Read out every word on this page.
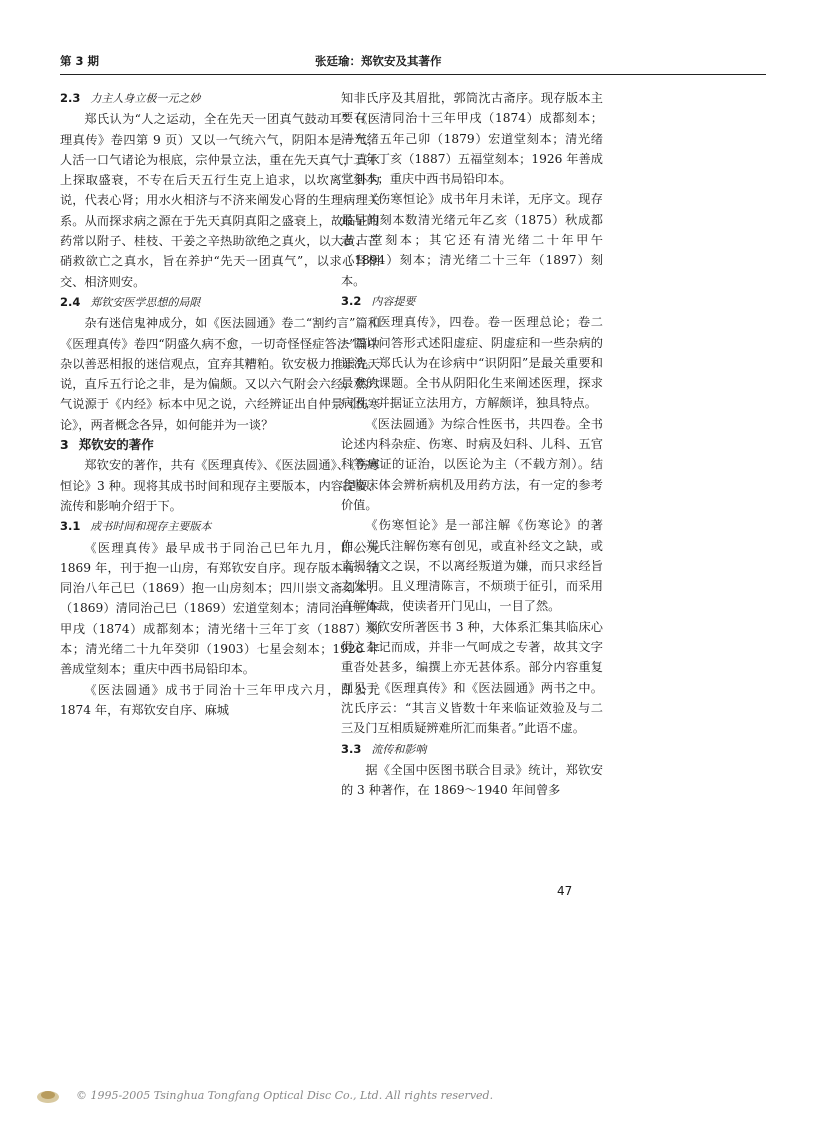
第 3 期	张廷瑜：郑钦安及其著作

2.3 力主人身立极一元之妙

郑氏认为“人之运动，全在先天一团真气鼓动耳”（《医理真传》卷四第 9 页）又以一气统六气，阴阳本是一气，人活一口气诸论为根底，宗仲景立法，重在先天真气，真水上探取盛衰，不专在后天五行生克上追求，以坎离二卦为说，代表心肾；用水火相济与不济来阐发心肾的生理病理关系。从而探求病之源在于先天真阴真阳之盛衰上，故临证用药常以附子、桂枝、干姜之辛热助欲绝之真火，以大黄、芒硝救欲亡之真水，旨在养护“先天一团真气”，以求心肾相交、相济则安。

2.4 郑钦安医学思想的局限

杂有迷信鬼神成分，如《医法圆通》卷二“割约言”篇和《医理真传》卷四“阴盛久病不愈，一切奇怪怪症答法”篇中杂以善恶相报的迷信观点，宜弃其糟粕。钦安极力推崇先天说，直斥五行论之非，是为偏颇。又以六气附会六经，然六气说源于《内经》标本中见之说，六经辨证出自仲景《伤寒论》，两者概念各异，如何能并为一谈？

3 郑钦安的著作

郑钦安的著作，共有《医理真传》、《医法圆通》、《伤寒恒论》3 种。现将其成书时间和现存主要版本，内容提要、流传和影响介绍于下。

3.1 成书时间和现存主要版本

《医理真传》最早成书于同治己巳年九月，即公元 1869 年，刊于抱一山房，有郑钦安自序。现存版本有：清同治八年己巳（1869）抱一山房刻本；四川崇文斋刻本；（1869）清同治己巳（1869）宏道堂刻本；清同治十三年甲戌（1874）成都刻本；清光绪十三年丁亥（1887）刻本；清光绪二十九年癸卯（1903）七星会刻本；1926 年善成堂刻本；重庆中西书局铅印本。

《医法圆通》成书于同治十三年甲戌六月，即公元 1874 年，有郑钦安自序、麻城

知非氏序及其眉批，郭筒沈古斋序。现存版本主要有：清同治十三年甲戌（1874）成都刻本；清光绪五年己卯（1879）宏道堂刻本；清光绪十三年丁亥（1887）五福堂刻本；1926 年善成堂刻本；重庆中西书局铅印本。

《伤寒恒论》成书年月未详，无序文。现存最早的刻本数清光绪元年乙亥（1875）秋成都志古堂刻本；其它还有清光绪二十年甲午（1894）刻本；清光绪二十三年（1897）刻本。

3.2 内容提要

《医理真传》，四卷。卷一医理总论；卷二～四以问答形式述阳虚症、阴虚症和一些杂病的证治。郑氏认为在诊病中“识阴阳”是最关重要和最难的课题。全书从阴阳化生来阐述医理，探求病因，并据证立法用方，方解颇详，独具特点。

《医法圆通》为综合性医书，共四卷。全书论述内科杂症、伤寒、时病及妇科、儿科、五官科等病证的证治，以医论为主（不载方剂）。结合临床体会辨析病机及用药方法，有一定的参考价值。

《伤寒恒论》是一部注解《伤寒论》的著作。郑氏注解伤寒有创见，或直补经文之缺，或直揭经文之误，不以离经叛道为嫌，而只求经旨之发明。且义理清陈言，不烦琐于征引，而采用直解体裁，使读者开门见山，一目了然。

郑钦安所著医书 3 种，大体系汇集其临床心得之杂记而成，并非一气呵成之专著，故其文字重沓处甚多，编撰上亦无甚体系。部分内容重复互见于《医理真传》和《医法圆通》两书之中。沈氏序云：“其言义皆数十年来临证效验及与二三及门互相质疑辨难所汇而集者。”此语不虚。

3.3 流传和影响

据《全国中医图书联合目录》统计，郑钦安的 3 种著作，在 1869～1940 年间曾多

47
© 1995-2005 Tsinghua Tongfang Optical Disc Co., Ltd. All rights reserved.
